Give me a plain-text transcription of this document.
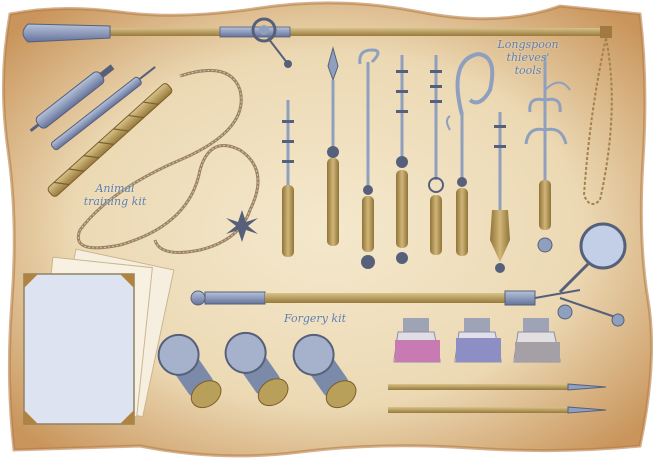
Longspoon
thieves'
tools
Animal
training kit
Forgery kit
